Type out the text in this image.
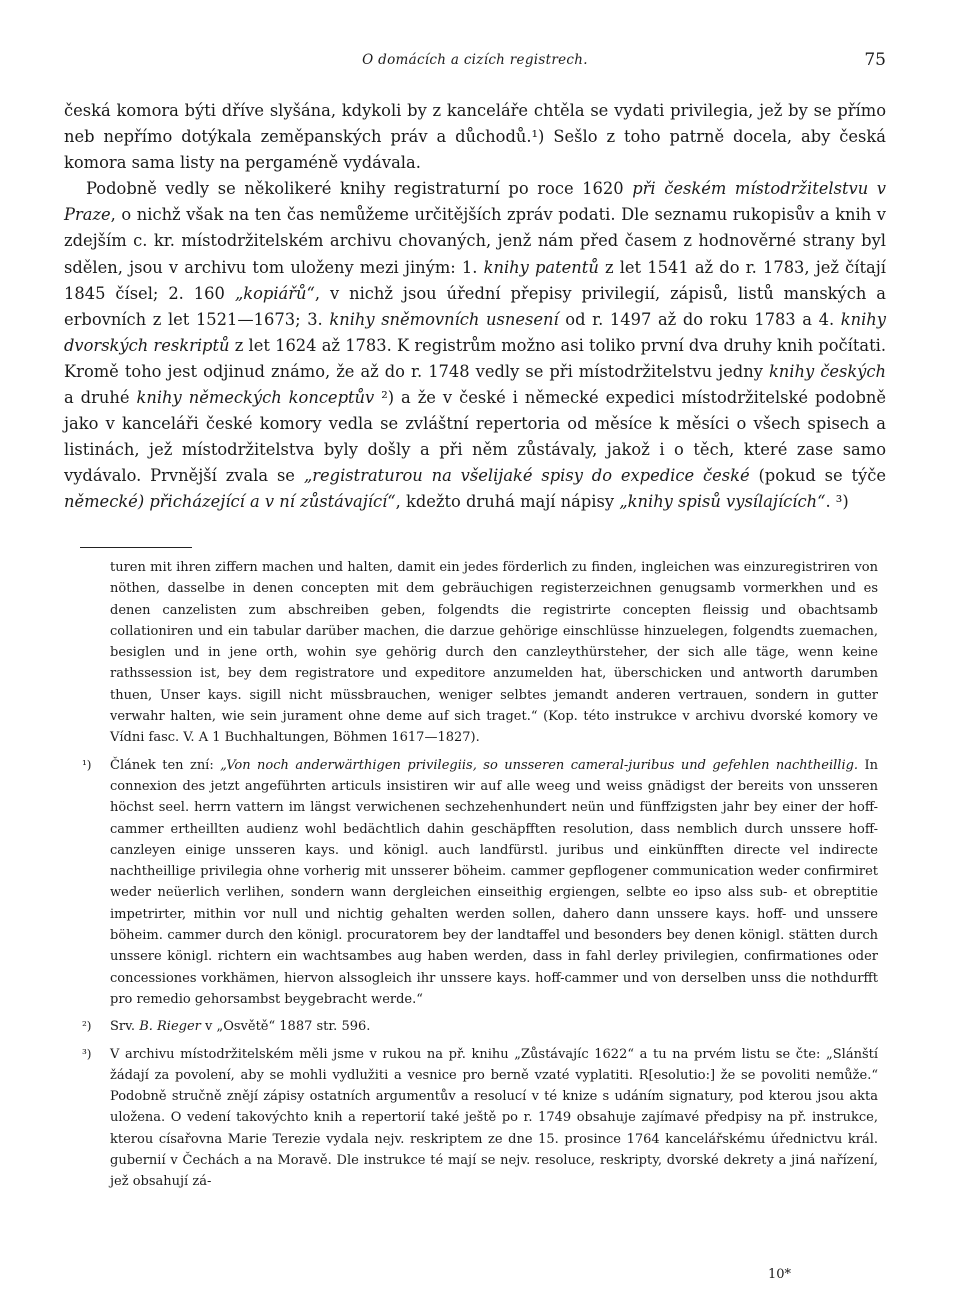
O domácích a cizích registrech.	75

česká komora býti dříve slyšána, kdykoli by z kanceláře chtěla se vydati privilegia, jež by se přímo neb nepřímo dotýkala zeměpanských práv a důchodů.¹) Sešlo z toho patrně docela, aby česká komora sama listy na pergaméně vydávala.

Podobně vedly se několikeré knihy registraturní po roce 1620 při českém místodržitelstvu v Praze, o nichž však na ten čas nemůžeme určitějších zpráv podati. Dle seznamu rukopisův a knih v zdejším c. kr. místodržitelském archivu chovaných, jenž nám před časem z hodnověrné strany byl sdělen, jsou v archivu tom uloženy mezi jiným: 1. knihy patentů z let 1541 až do r. 1783, jež čítají 1845 čísel; 2. 160 „kopiářů“, v nichž jsou úřední přepisy privilegií, zápisů, listů manských a erbovních z let 1521—1673; 3. knihy sněmovních usnesení od r. 1497 až do roku 1783 a 4. knihy dvorských reskriptů z let 1624 až 1783. K registrům možno asi toliko první dva druhy knih počítati. Kromě toho jest odjinud známo, že až do r. 1748 vedly se při místodržitelstvu jedny knihy českých a druhé knihy německých konceptův ²) a že v české i německé expedici místodržitelské podobně jako v kanceláři české komory vedla se zvláštní repertoria od měsíce k měsíci o všech spisech a listinách, jež místodržitelstva byly došly a při něm zůstávaly, jakož i o těch, které zase samo vydávalo. Prvnější zvala se „registraturou na všelijaké spisy do expedice české (pokud se týče německé) přicházející a v ní zůstávající“, kdežto druhá mají nápisy „knihy spisů vysílajících“. ³)

turen mit ihren ziffern machen und halten, damit ein jedes förderlich zu finden, ingleichen was einzuregistriren von nöthen, dasselbe in denen concepten mit dem gebräuchigen registerzeichnen genugsamb vormerkhen und es denen canzelisten zum abschreiben geben, folgendts die registrirte concepten fleissig und obachtsamb collationiren und ein tabular darüber machen, die darzue gehörige einschlüsse hinzuelegen, folgendts zuemachen, besiglen und in jene orth, wohin sye gehörig durch den canzleythürsteher, der sich alle täge, wenn keine rathssession ist, bey dem registratore und expeditore anzumelden hat, überschicken und antworth darumben thuen, Unser kays. sigill nicht müssbrauchen, weniger selbtes jemandt anderen vertrauen, sondern in gutter verwahr halten, wie sein jurament ohne deme auf sich traget.“ (Kop. této instrukce v archivu dvorské komory ve Vídni fasc. V. A 1 Buchhaltungen, Böhmen 1617—1827).

¹) Článek ten zní: „Von noch anderwärthigen privilegiis, so unsseren cameral-juribus und gefehlen nachtheillig. In connexion des jetzt angeführten articuls insistiren wir auf alle weeg und weiss gnädigst der bereits von unsseren höchst seel. herrn vattern im längst verwichenen sechzehenhundert neün und fünffzigsten jahr bey einer der hoff-cammer ertheillten audienz wohl bedächtlich dahin geschäpfften resolution, dass nemblich durch unssere hoff-canzleyen einige unsseren kays. und königl. auch landfürstl. juribus und einkünfften directe vel indirecte nachtheillige privilegia ohne vorherig mit unsserer böheim. cammer gepflogener communication weder confirmiret weder neüerlich verlihen, sondern wann dergleichen einseithig ergiengen, selbte eo ipso alss sub- et obreptitie impetrirter, mithin vor null und nichtig gehalten werden sollen, dahero dann unssere kays. hoff- und unssere böheim. cammer durch den königl. procuratorem bey der landtaffel und besonders bey denen königl. stätten durch unssere königl. richtern ein wachtsambes aug haben werden, dass in fahl derley privilegien, confirmationes oder concessiones vorkhämen, hiervon alssogleich ihr unssere kays. hoff-cammer und von derselben unss die nothdurfft pro remedio gehorsambst beygebracht werde.“

²) Srv. B. Rieger v „Osvětě“ 1887 str. 596.

³) V archivu místodržitelském měli jsme v rukou na př. knihu „Zůstávajíc 1622“ a tu na prvém listu se čte: „Slánští žádají za povolení, aby se mohli vydlužiti a vesnice pro berně vzaté vyplatiti. R[esolutio:] že se povoliti nemůže.“ Podobně stručně znějí zápisy ostatních argumentův a resolucí v té knize s udáním signatury, pod kterou jsou akta uložena. O vedení takovýchto knih a repertorií také ještě po r. 1749 obsahuje zajímavé předpisy na př. instrukce, kterou císařovna Marie Terezie vydala nejv. reskriptem ze dne 15. prosince 1764 kancelářskému úřednictvu král. gubernií v Čechách a na Moravě. Dle instrukce té mají se nejv. resoluce, reskripty, dvorské dekrety a jiná nařízení, jež obsahují zá-

10*
